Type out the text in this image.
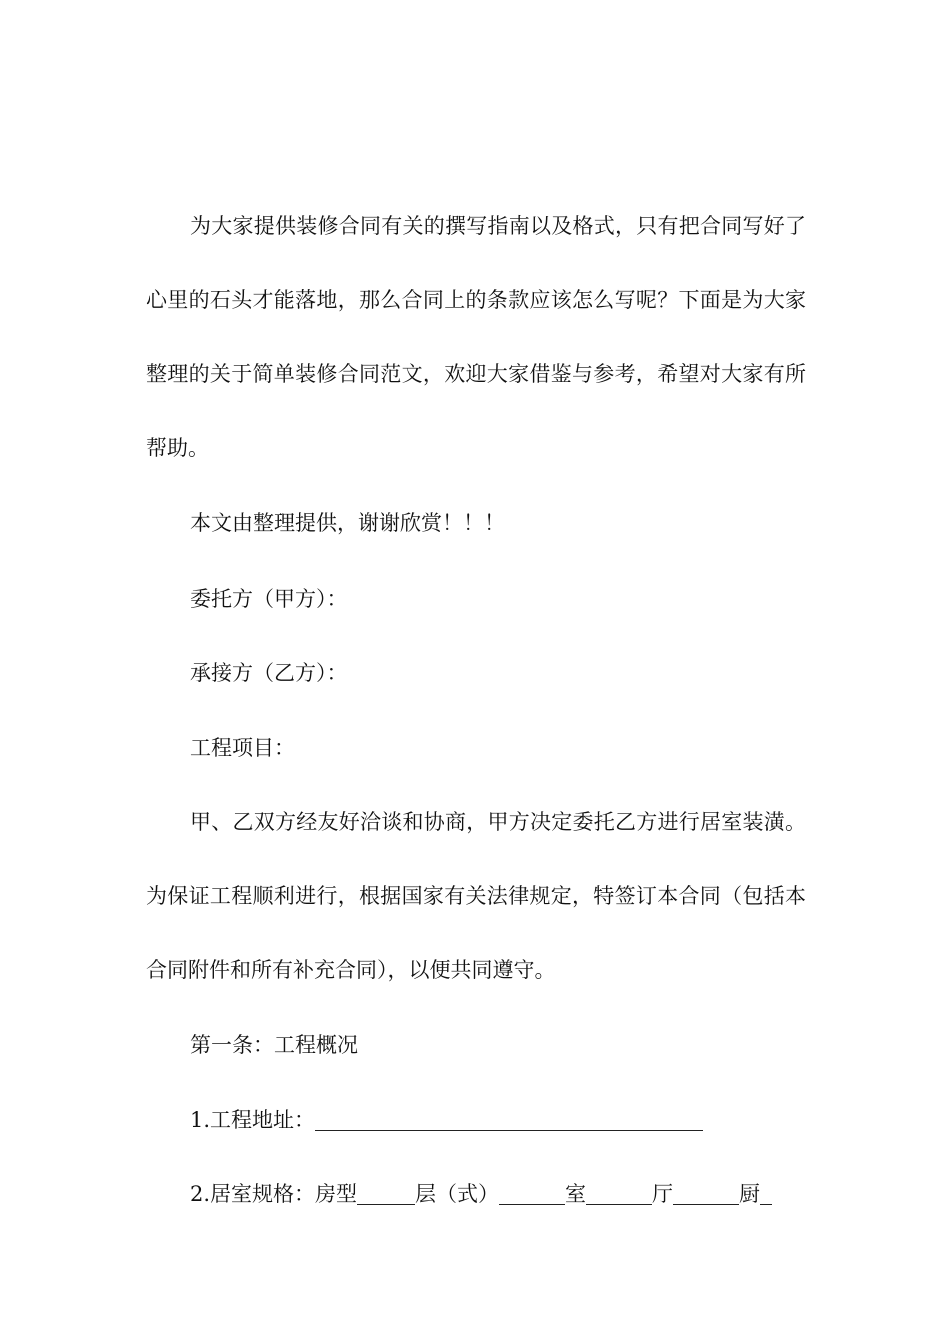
为大家提供装修合同有关的撰写指南以及格式，只有把合同写好了心里的石头才能落地，那么合同上的条款应该怎么写呢？下面是为大家整理的关于简单装修合同范文，欢迎大家借鉴与参考，希望对大家有所帮助。

本文由整理提供，谢谢欣赏！！！

委托方（甲方）：

承接方（乙方）：

工程项目：

甲、乙双方经友好洽谈和协商，甲方决定委托乙方进行居室装潢。为保证工程顺利进行，根据国家有关法律规定，特签订本合同（包括本合同附件和所有补充合同），以便共同遵守。

第一条：工程概况

1.工程地址：

2.居室规格：房型	层（式）	室	厅	厨
